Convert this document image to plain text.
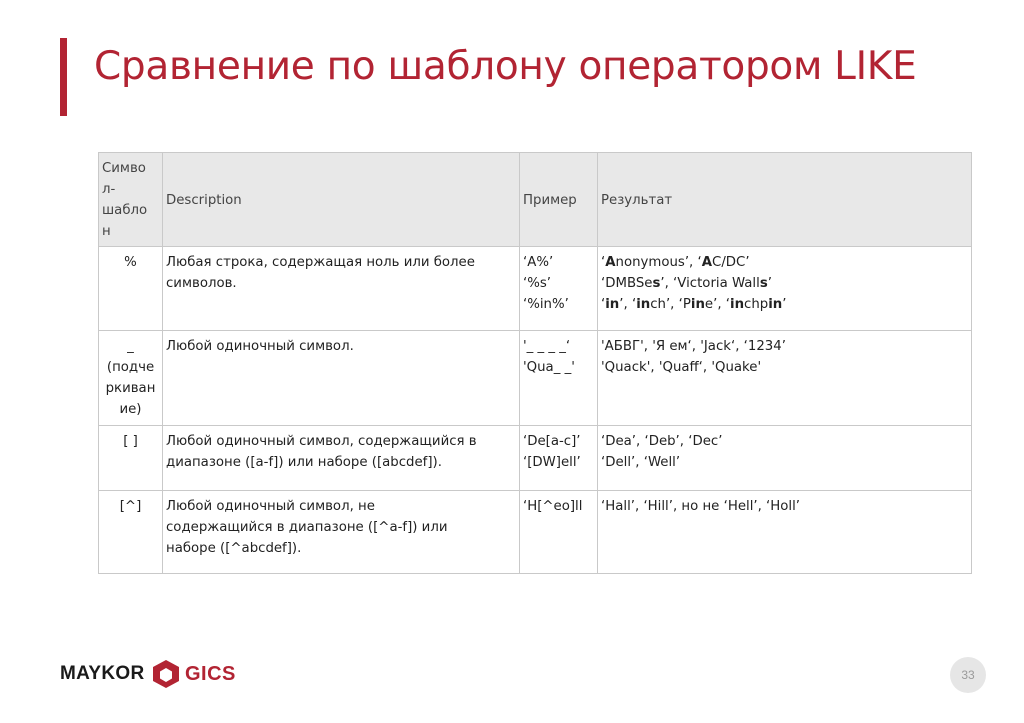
Сравнение по шаблону оператором LIKE
Симво
л-
шабло
н	Description	Пример	Результат

%	Любая строка, содержащая ноль или более
символов.	‘A%’
‘%s’
‘%in%’	‘Anonymous’, ‘AC/DC’
‘DMBSes’, ‘Victoria Walls’
‘in’, ‘inch’, ‘Pine’, ‘inchpin’

_
(подче
ркиван
ие)	Любой одиночный символ.	'_ _ _ _‘
'Qua_ _'	'АБВГ', 'Я ем‘, 'Jack‘, ‘1234’
'Quack', 'Quaff‘, 'Quake'

[ ]	Любой одиночный символ, содержащийся в
диапазоне ([a-f]) или наборе ([abcdef]).	‘De[a-c]’
‘[DW]ell’	‘Dea’, ‘Deb’, ‘Dec’
‘Dell’, ‘Well’

[^]	Любой одиночный символ, не
содержащийся в диапазоне ([^a-f]) или
наборе ([^abcdef]).	‘H[^eo]ll	‘Hall’, ‘Hill’, но не ‘Hell’, ‘Holl’
MAYKOR GICS	33
